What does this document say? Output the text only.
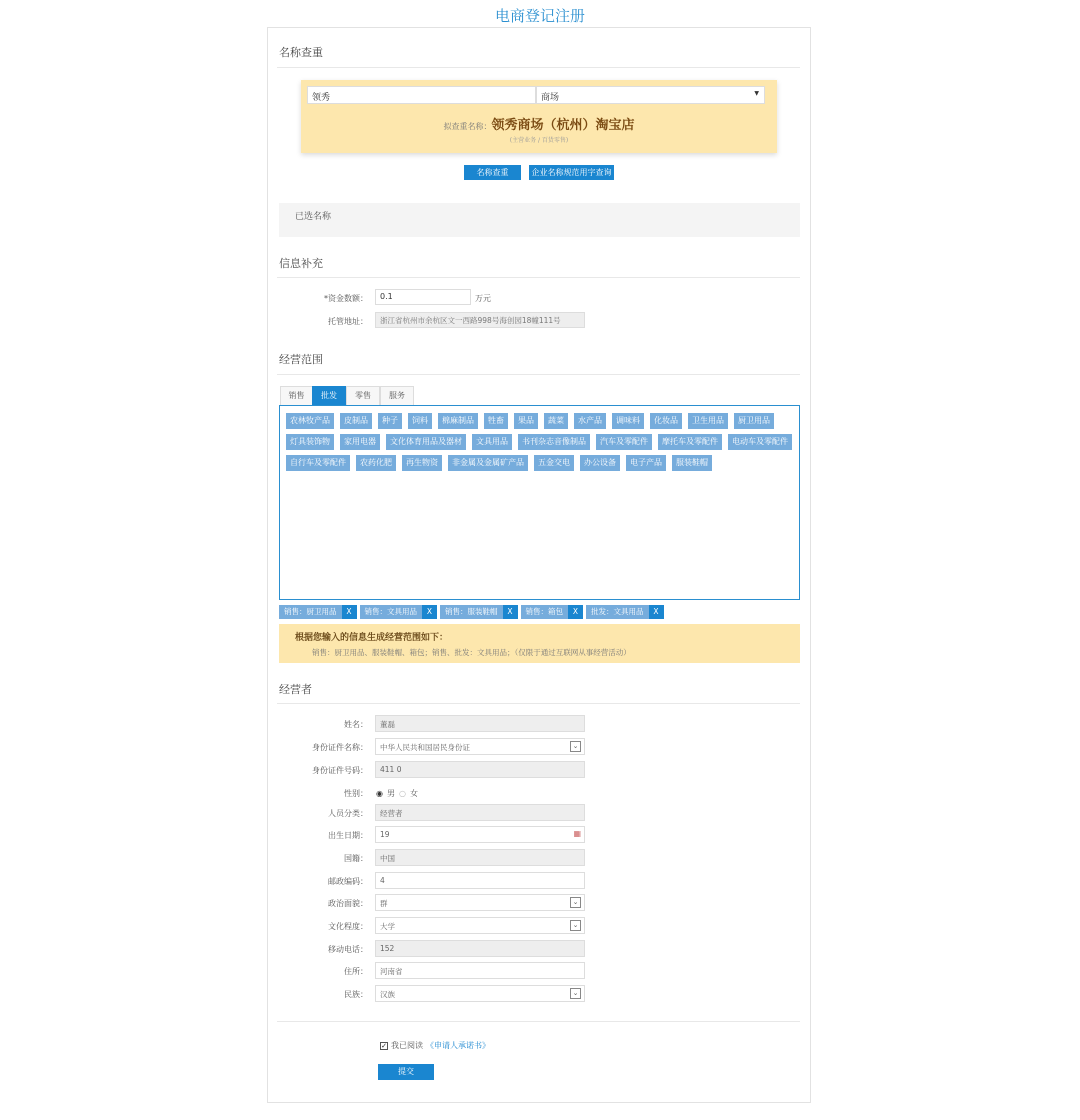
电商登记注册
名称查重
领秀	商场	▼
拟查重名称：领秀商场（杭州）淘宝店
(主营业务 / 百货零售)
名称查重	企业名称规范用字查询
已选名称
信息补充
*资金数额：	0.1	万元
托管地址：	浙江省杭州市余杭区文一西路998号海创园18幢111号
经营范围
销售	批发	零售	服务
农林牧产品	皮制品	种子	饲料	棉麻制品	牲畜	果品	蔬菜	水产品	调味料	化妆品	卫生用品	厨卫用品
灯具装饰物	家用电器	文化体育用品及器材	文具用品	书刊杂志音像制品	汽车及零配件	摩托车及零配件	电动车及零配件
自行车及零配件	农药化肥	再生物资	非金属及金属矿产品	五金交电	办公设备	电子产品	服装鞋帽
销售：厨卫用品	X	销售：文具用品	X	销售：服装鞋帽	X	销售：箱包	X	批发：文具用品	X
根据您输入的信息生成经营范围如下：
销售：厨卫用品、服装鞋帽、箱包；销售、批发：文具用品；（仅限于通过互联网从事经营活动）
经营者
姓名：	董磊
身份证件名称：	中华人民共和国居民身份证	⌄
身份证件号码：	411 0
性别： ◉ 男 ○ 女
人员分类：	经营者
出生日期：	19	▦
国籍：	中国
邮政编码：	4
政治面貌：	群	⌄
文化程度：	大学	⌄
移动电话：	152
住所：	河南省
民族：	汉族	⌄
✓ 我已阅读 《申请人承诺书》
提交
